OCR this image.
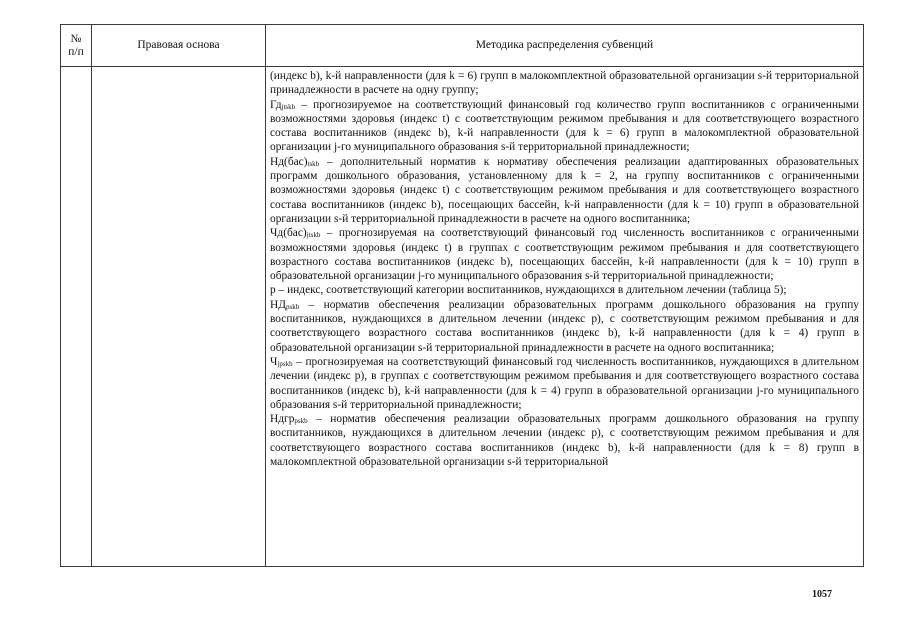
№
п/п
Правовая основа	Методика распределения субвенций

(индекс b), k-й направленности (для k = 6) групп в малокомплектной образовательной организации s-й территориальной принадлежности в расчете на одну группу;

$Гд_{jtskb}$ – прогнозируемое на соответствующий финансовый год количество групп воспитанников с ограниченными возможностями здоровья (индекс t) с соответствующим режимом пребывания и для соответствующего возрастного состава воспитанников (индекс b), k-й направленности (для k = 6) групп в малокомплектной образовательной организации j-го муниципального образования s-й территориальной принадлежности;

$Нд(бас)_{tskb}$ – дополнительный норматив к нормативу обеспечения реализации адаптированных образовательных программ дошкольного образования, установленному для k = 2, на группу воспитанников с ограниченными возможностями здоровья (индекс t) с соответствующим режимом пребывания и для соответствующего возрастного состава воспитанников (индекс b), посещающих бассейн, k-й направленности (для k = 10) групп в образовательной организации s-й территориальной принадлежности в расчете на одного воспитанника;

$Чд(бас)_{jtskb}$ – прогнозируемая на соответствующий финансовый год численность воспитанников с ограниченными возможностями здоровья (индекс t) в группах с соответствующим режимом пребывания и для соответствующего возрастного состава воспитанников (индекс b), посещающих бассейн, k-й направленности (для k = 10) групп в образовательной организации j-го муниципального образования s-й территориальной принадлежности;

p – индекс, соответствующий категории воспитанников, нуждающихся в длительном лечении (таблица 5);

$НД_{pskb}$ – норматив обеспечения реализации образовательных программ дошкольного образования на группу воспитанников, нуждающихся в длительном лечении (индекс p), с соответствующим режимом пребывания и для соответствующего возрастного состава воспитанников (индекс b), k-й направленности (для k = 4) групп в образовательной организации s-й территориальной принадлежности в расчете на одного воспитанника;

$Ч_{jpskb}$ – прогнозируемая на соответствующий финансовый год численность воспитанников, нуждающихся в длительном лечении (индекс p), в группах с соответствующим режимом пребывания и для соответствующего возрастного состава воспитанников (индекс b), k-й направленности (для k = 4) групп в образовательной организации j-го муниципального образования s-й территориальной принадлежности;

Ндгр$_{pskb}$ – норматив обеспечения реализации образовательных программ дошкольного образования на группу воспитанников, нуждающихся в длительном лечении (индекс p), с соответствующим режимом пребывания и для соответствующего возрастного состава воспитанников (индекс b), k-й направленности (для k = 8) групп в малокомплектной образовательной организации s-й территориальной

1057
